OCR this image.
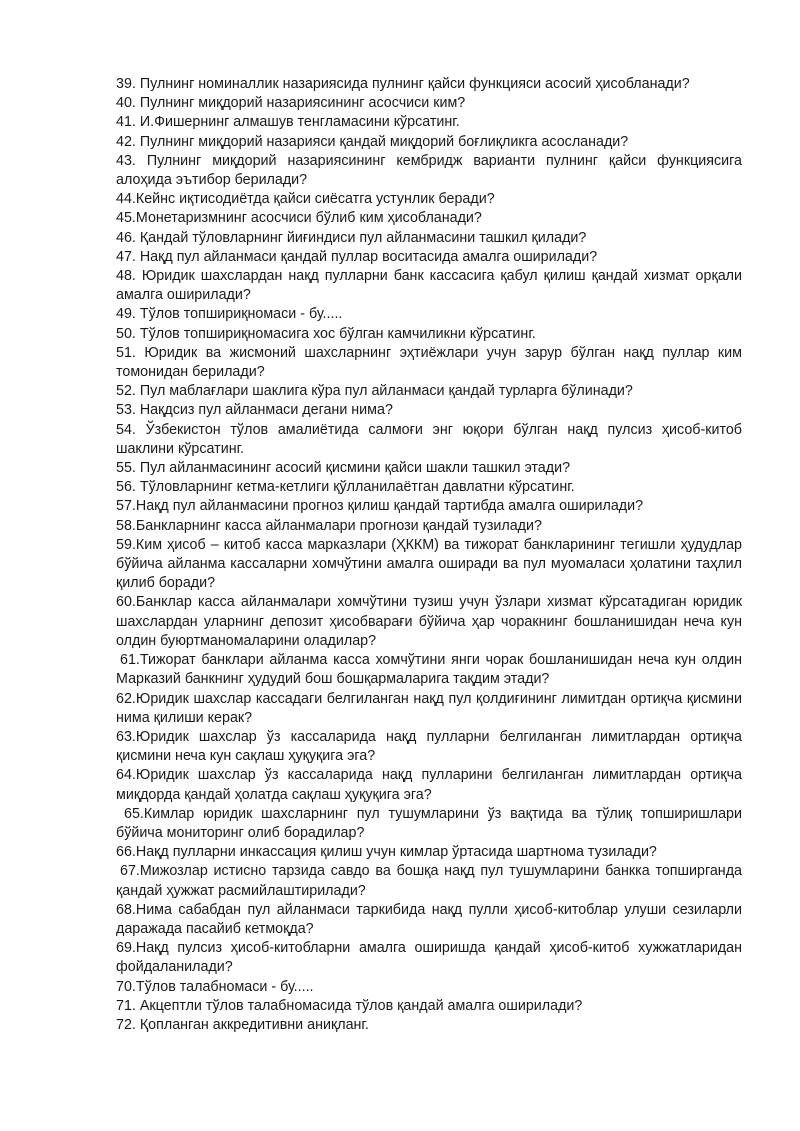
39. Пулнинг номиналлик назариясида пулнинг қайси функцияси асосий ҳисобланади?

40. Пулнинг миқдорий назариясининг асосчиси ким?

41. И.Фишернинг алмашув тенгламасини кўрсатинг.

42. Пулнинг миқдорий назарияси қандай миқдорий боғлиқликга асосланади?

43. Пулнинг миқдорий назариясининг кембридж варианти пулнинг қайси функциясига алоҳида эътибор берилади?

44.Кейнс иқтисодиётда қайси сиёсатга устунлик беради?

45.Монетаризмнинг асосчиси бўлиб ким ҳисобланади?

46. Қандай тўловларнинг йиғиндиси пул айланмасини ташкил қилади?

47. Нақд пул айланмаси қандай пуллар воситасида амалга оширилади?

48. Юридик шахслардан нақд пулларни банк кассасига қабул қилиш қандай хизмат орқали амалга оширилади?

49. Тўлов топшириқномаси - бу.....

50. Тўлов топшириқномасига хос бўлган камчиликни кўрсатинг.

51. Юридик ва жисмоний шахсларнинг эҳтиёжлари учун зарур бўлган нақд пуллар ким томонидан берилади?

52. Пул маблағлари шаклига кўра пул айланмаси қандай турларга бўлинади?

53. Нақдсиз пул айланмаси дегани нима?

54. Ўзбекистон тўлов амалиётида салмоғи энг юқори бўлган нақд пулсиз ҳисоб-китоб шаклини кўрсатинг.

55. Пул айланмасининг асосий қисмини қайси шакли ташкил этади?

56. Тўловларнинг кетма-кетлиги қўлланилаётган давлатни кўрсатинг.

57.Нақд пул айланмасини прогноз қилиш қандай тартибда амалга оширилади?

58.Банкларнинг касса айланмалари прогнози қандай тузилади?

59.Ким ҳисоб – китоб касса марказлари (ҲККМ) ва тижорат банкларининг тегишли ҳудудлар бўйича айланма кассаларни хомчўтини амалга оширади ва пул муомаласи ҳолатини таҳлил қилиб боради?

60.Банклар касса айланмалари хомчўтини тузиш учун ўзлари хизмат кўрсатадиган юридик шахслардан уларнинг депозит ҳисобварағи бўйича ҳар чоракнинг бошланишидан неча кун олдин буюртманомаларини оладилар?

61.Тижорат банклари айланма касса хомчўтини янги чорак бошланишидан неча кун олдин Марказий банкнинг ҳудудий бош бошқармаларига тақдим этади?

62.Юридик шахслар кассадаги белгиланган нақд пул қолдиғининг лимитдан ортиқча қисмини нима қилиши керак?

63.Юридик шахслар ўз кассаларида нақд пулларни белгиланган лимитлардан ортиқча қисмини неча кун сақлаш ҳуқуқига эга?

64.Юридик шахслар ўз кассаларида нақд пулларини белгиланган лимитлардан ортиқча миқдорда қандай ҳолатда сақлаш ҳуқуқига эга?

65.Кимлар юридик шахсларнинг пул тушумларини ўз вақтида ва тўлиқ топширишлари бўйича мониторинг олиб борадилар?

66.Нақд пулларни инкассация қилиш учун кимлар ўртасида шартнома тузилади?

67.Мижозлар истисно тарзида савдо ва бошқа нақд пул тушумларини банкка топширганда қандай ҳужжат расмийлаштирилади?

68.Нима сабабдан пул айланмаси таркибида нақд пулли ҳисоб-китоблар улуши сезиларли даражада пасайиб кетмоқда?

69.Нақд пулсиз ҳисоб-китобларни амалга оширишда қандай ҳисоб-китоб хужжатларидан фойдаланилади?

70.Тўлов талабномаси - бу.....

71. Акцептли тўлов талабномасида тўлов қандай амалга оширилади?

72. Қопланган аккредитивни аниқланг.
